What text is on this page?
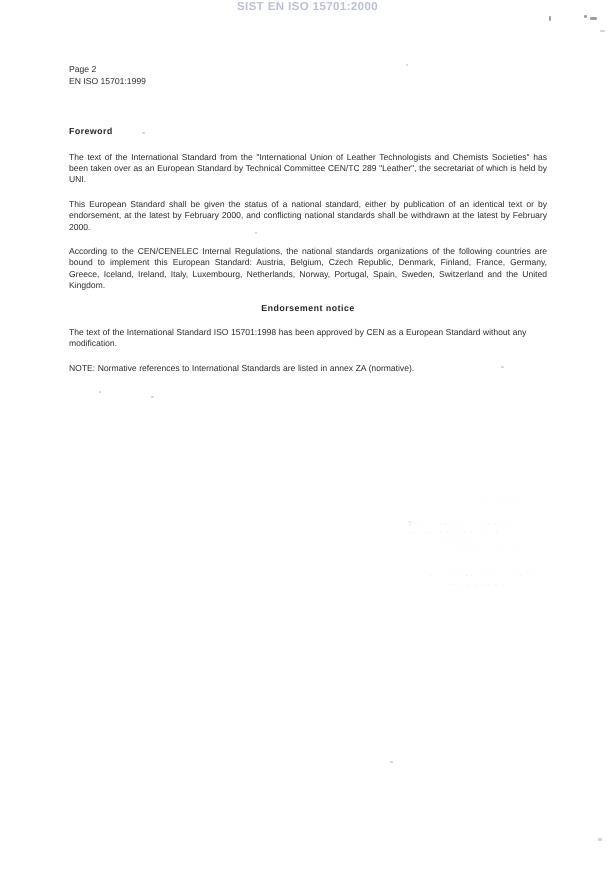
SIST EN ISO 15701:2000
Page 2
EN ISO 15701:1999

Foreword

The text of the International Standard from the "International Union of Leather Technologists and Chemists Societies" has been taken over as an European Standard by Technical Committee CEN/TC 289 "Leather", the secretariat of which is held by UNI.

This European Standard shall be given the status of a national standard, either by publication of an identical text or by endorsement, at the latest by February 2000, and conflicting national standards shall be withdrawn at the latest by February 2000.

According to the CEN/CENELEC Internal Regulations, the national standards organizations of the following countries are bound to implement this European Standard: Austria, Belgium, Czech Republic, Denmark, Finland, France, Germany, Greece, Iceland, Ireland, Italy, Luxembourg, Netherlands, Norway, Portugal, Spain, Sweden, Switzerland and the United Kingdom.

Endorsement notice

The text of the International Standard ISO 15701:1998 has been approved by CEN as a European Standard without any modification.

NOTE: Normative references to International Standards are listed in annex ZA (normative).

· · ·· · · · ·
T· · · ··· · · · · · · · · ··
·· · ·· ·· ·· · · · · · · ·
· ·· · · · · · · · ·
· ·· · ·· · · ·
· · · · ·· · · · · ·· ·
·· · · · ·· · ·
